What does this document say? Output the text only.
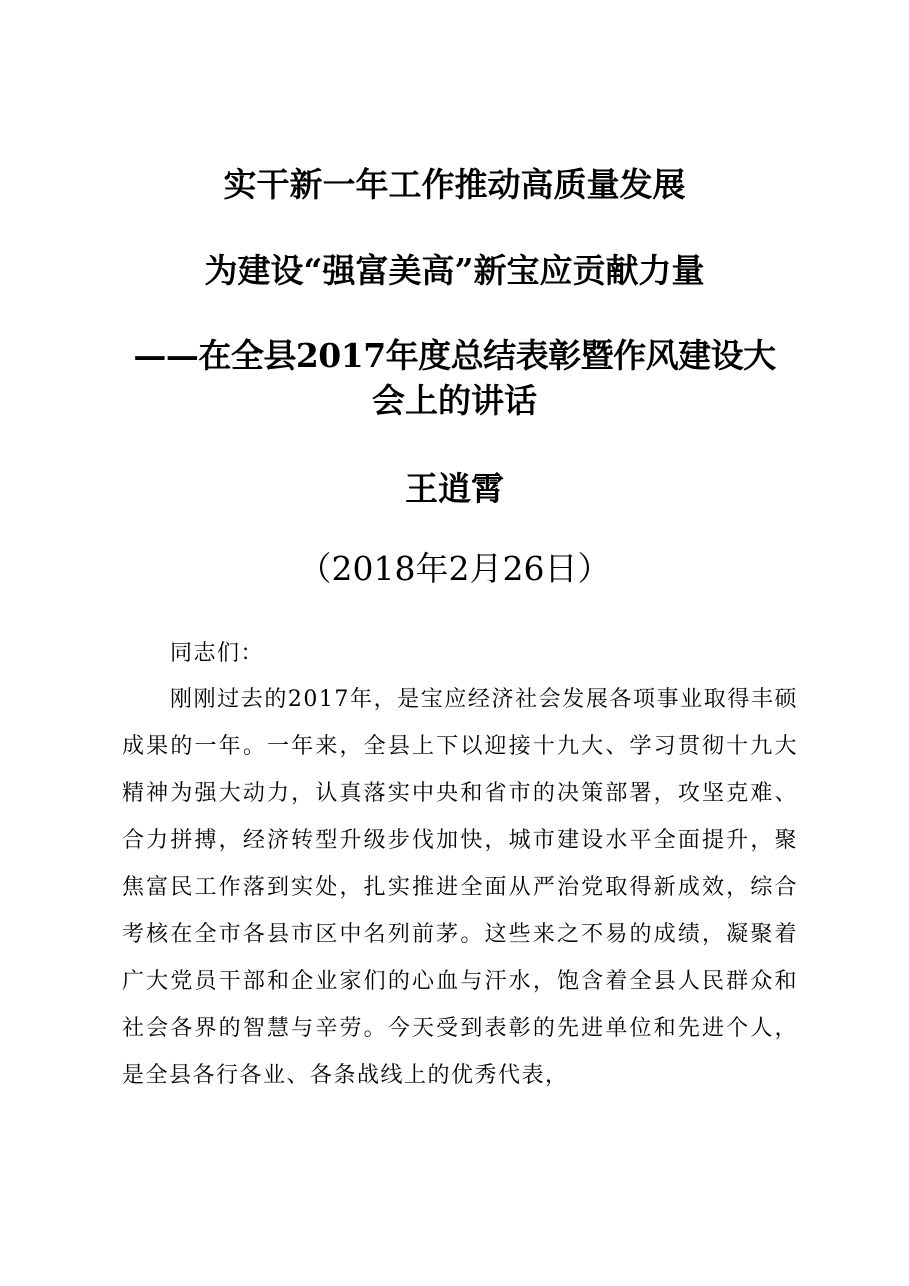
实干新一年工作推动高质量发展
为建设“强富美高”新宝应贡献力量
——在全县2017年度总结表彰暨作风建设大
会上的讲话
王逍霄
（2018年2月26日）
同志们：
刚刚过去的2017年，是宝应经济社会发展各项事业取得丰硕成果的一年。一年来，全县上下以迎接十九大、学习贯彻十九大精神为强大动力，认真落实中央和省市的决策部署，攻坚克难、合力拼搏，经济转型升级步伐加快，城市建设水平全面提升，聚焦富民工作落到实处，扎实推进全面从严治党取得新成效，综合考核在全市各县市区中名列前茅。这些来之不易的成绩，凝聚着广大党员干部和企业家们的心血与汗水，饱含着全县人民群众和社会各界的智慧与辛劳。今天受到表彰的先进单位和先进个人，是全县各行各业、各条战线上的优秀代表，
